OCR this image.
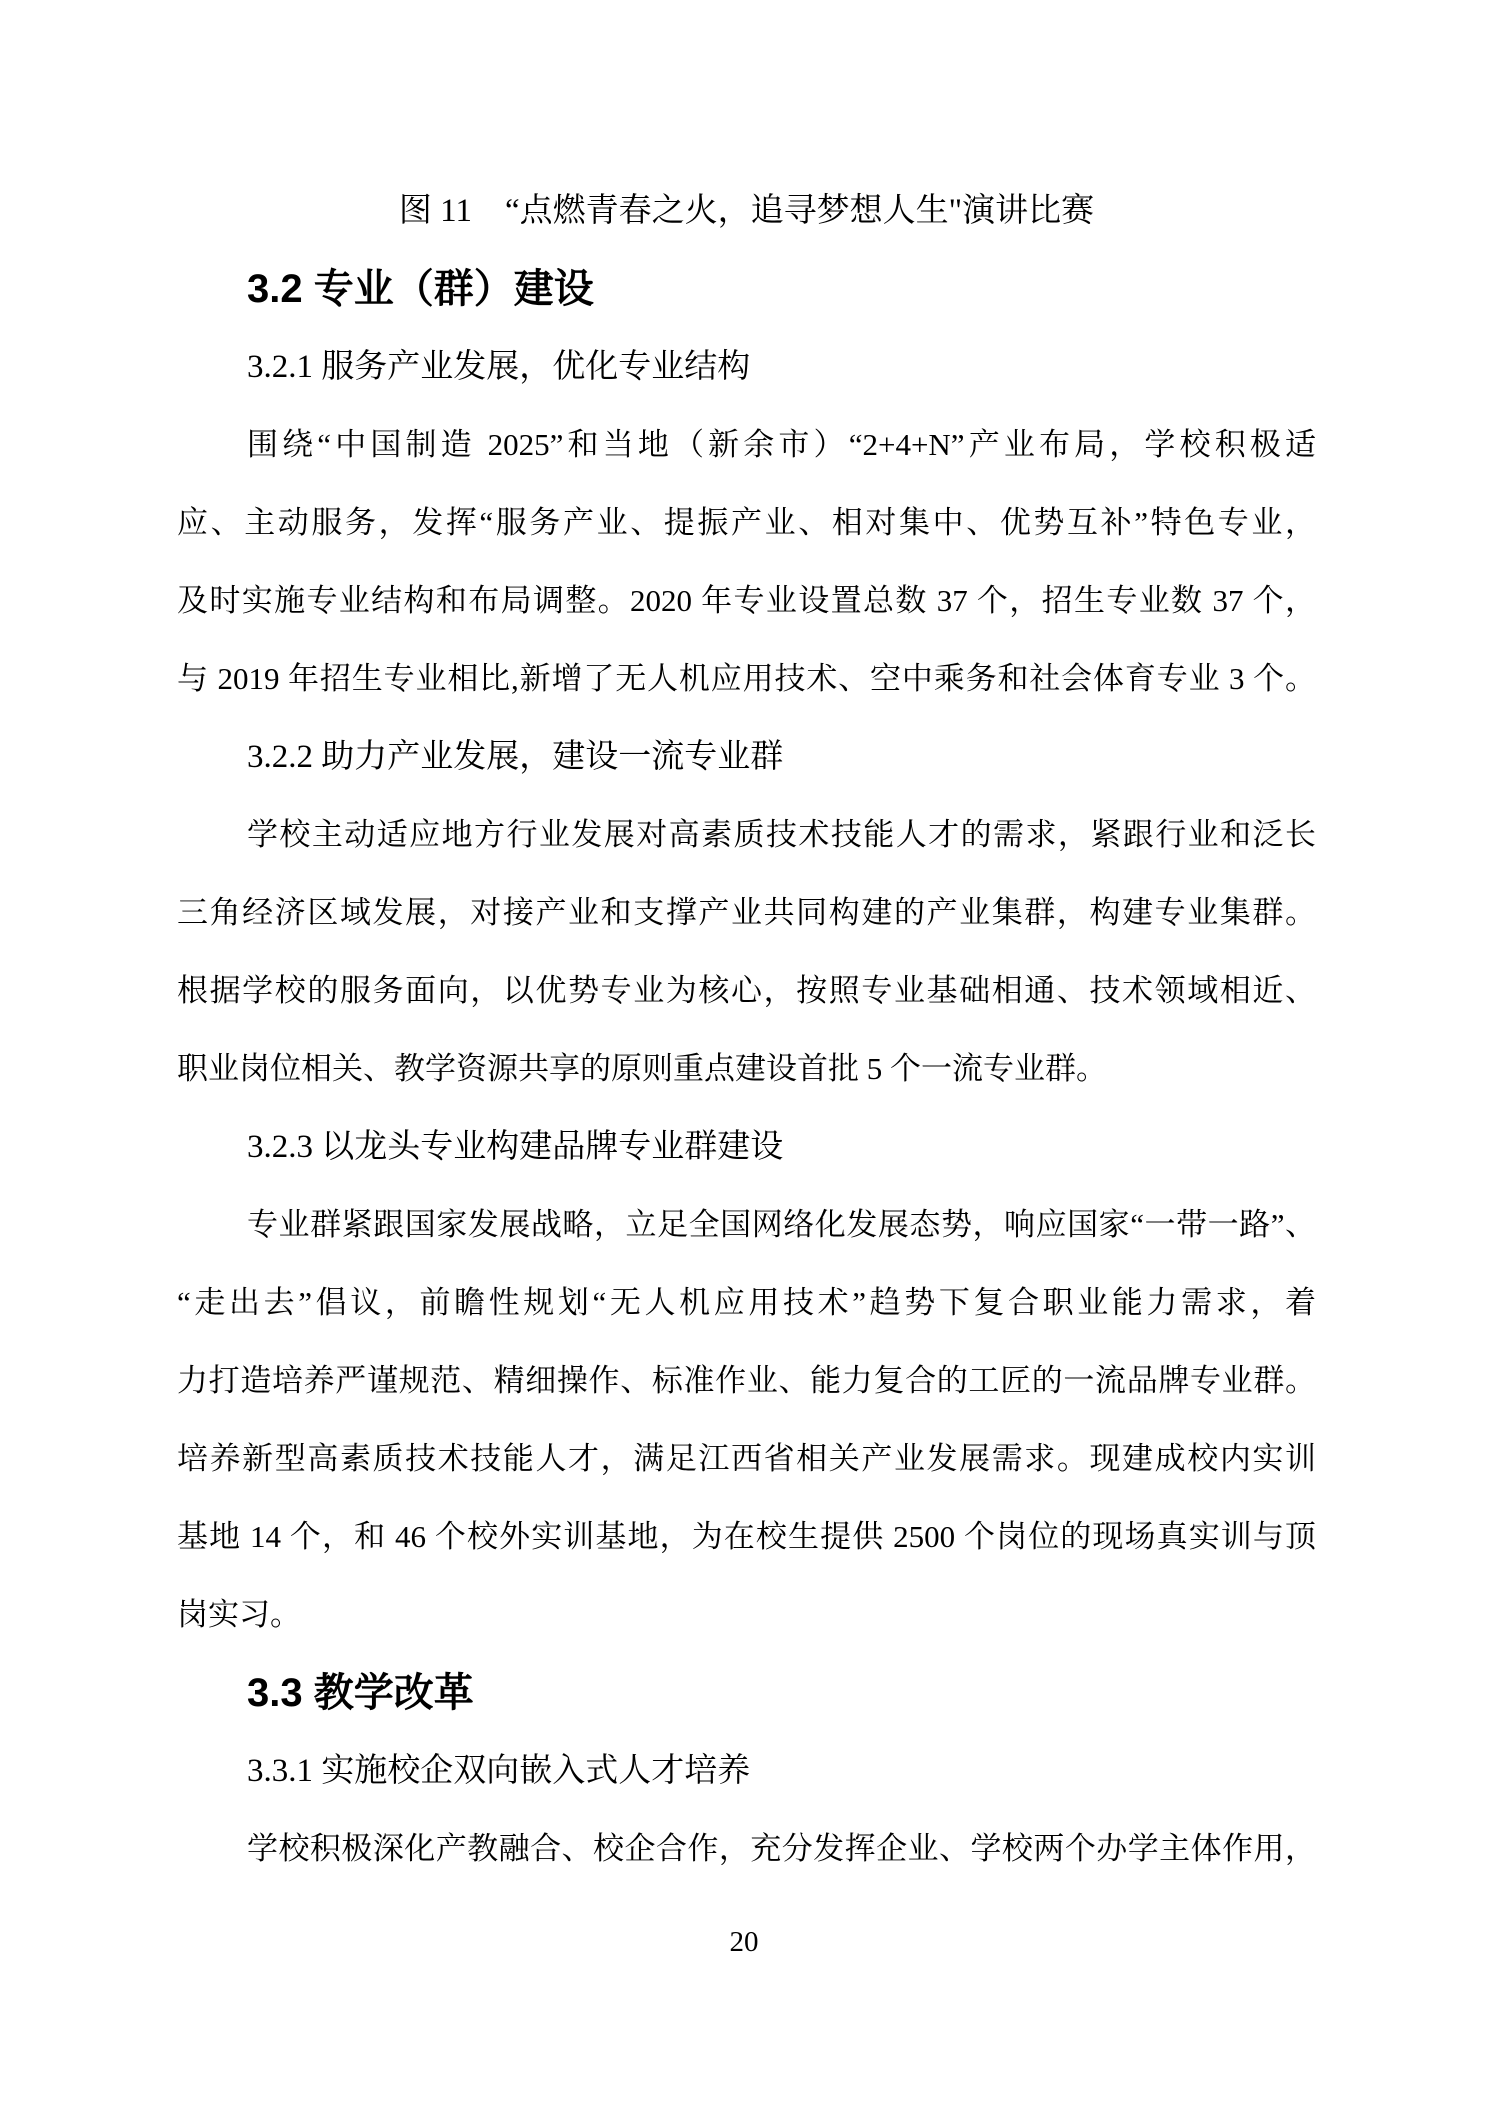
图 11　“点燃青春之火，追寻梦想人生"演讲比赛
3.2 专业（群）建设
3.2.1 服务产业发展，优化专业结构
围绕“中国制造 2025”和当地（新余市）“2+4+N”产业布局，学校积极适
应、主动服务，发挥“服务产业、提振产业、相对集中、优势互补”特色专业，
及时实施专业结构和布局调整。2020 年专业设置总数 37 个，招生专业数 37 个，
与 2019 年招生专业相比,新增了无人机应用技术、空中乘务和社会体育专业 3 个。
3.2.2 助力产业发展，建设一流专业群
学校主动适应地方行业发展对高素质技术技能人才的需求，紧跟行业和泛长
三角经济区域发展，对接产业和支撑产业共同构建的产业集群，构建专业集群。
根据学校的服务面向，以优势专业为核心，按照专业基础相通、技术领域相近、
职业岗位相关、教学资源共享的原则重点建设首批 5 个一流专业群。
3.2.3 以龙头专业构建品牌专业群建设
专业群紧跟国家发展战略，立足全国网络化发展态势，响应国家“一带一路”、
“走出去”倡议，前瞻性规划“无人机应用技术”趋势下复合职业能力需求，着
力打造培养严谨规范、精细操作、标准作业、能力复合的工匠的一流品牌专业群。
培养新型高素质技术技能人才，满足江西省相关产业发展需求。现建成校内实训
基地 14 个，和 46 个校外实训基地，为在校生提供 2500 个岗位的现场真实训与顶
岗实习。
3.3 教学改革
3.3.1 实施校企双向嵌入式人才培养
学校积极深化产教融合、校企合作，充分发挥企业、学校两个办学主体作用，
20
